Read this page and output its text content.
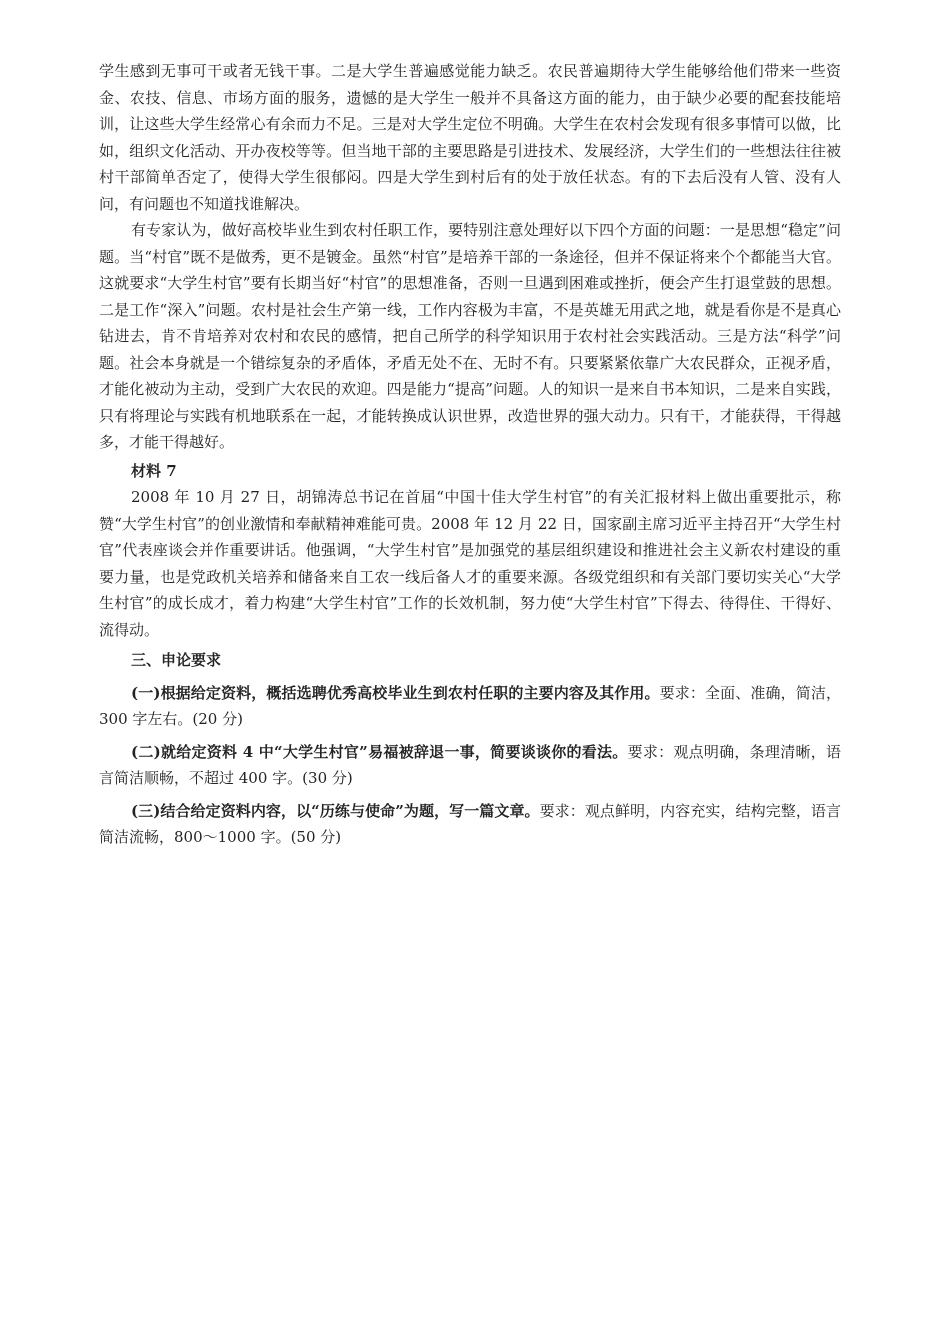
学生感到无事可干或者无钱干事。二是大学生普遍感觉能力缺乏。农民普遍期待大学生能够给他们带来一些资金、农技、信息、市场方面的服务，遗憾的是大学生一般并不具备这方面的能力，由于缺少必要的配套技能培训，让这些大学生经常心有余而力不足。三是对大学生定位不明确。大学生在农村会发现有很多事情可以做，比如，组织文化活动、开办夜校等等。但当地干部的主要思路是引进技术、发展经济，大学生们的一些想法往往被村干部简单否定了，使得大学生很郁闷。四是大学生到村后有的处于放任状态。有的下去后没有人管、没有人问，有问题也不知道找谁解决。

有专家认为，做好高校毕业生到农村任职工作，要特别注意处理好以下四个方面的问题：一是思想“稳定”问题。当“村官”既不是做秀，更不是镀金。虽然“村官”是培养干部的一条途径，但并不保证将来个个都能当大官。这就要求“大学生村官”要有长期当好“村官”的思想准备，否则一旦遇到困难或挫折，便会产生打退堂鼓的思想。二是工作“深入”问题。农村是社会生产第一线，工作内容极为丰富，不是英雄无用武之地，就是看你是不是真心钻进去，肯不肯培养对农村和农民的感情，把自己所学的科学知识用于农村社会实践活动。三是方法“科学”问题。社会本身就是一个错综复杂的矛盾体，矛盾无处不在、无时不有。只要紧紧依靠广大农民群众，正视矛盾，才能化被动为主动，受到广大农民的欢迎。四是能力“提高”问题。人的知识一是来自书本知识，二是来自实践，只有将理论与实践有机地联系在一起，才能转换成认识世界，改造世界的强大动力。只有干，才能获得，干得越多，才能干得越好。

材料 7

2008 年 10 月 27 日，胡锦涛总书记在首届“中国十佳大学生村官”的有关汇报材料上做出重要批示，称赞“大学生村官”的创业激情和奉献精神难能可贵。2008 年 12 月 22 日，国家副主席习近平主持召开“大学生村官”代表座谈会并作重要讲话。他强调，“大学生村官”是加强党的基层组织建设和推进社会主义新农村建设的重要力量，也是党政机关培养和储备来自工农一线后备人才的重要来源。各级党组织和有关部门要切实关心“大学生村官”的成长成才，着力构建“大学生村官”工作的长效机制，努力使“大学生村官”下得去、待得住、干得好、流得动。

三、申论要求

(一)根据给定资料，概括选聘优秀高校毕业生到农村任职的主要内容及其作用。要求：全面、准确，简洁，300 字左右。(20 分)

(二)就给定资料 4 中“大学生村官”易福被辞退一事，简要谈谈你的看法。要求：观点明确，条理清晰，语言简洁顺畅，不超过 400 字。(30 分)

(三)结合给定资料内容，以“历练与使命”为题，写一篇文章。要求：观点鲜明，内容充实，结构完整，语言简洁流畅，800～1000 字。(50 分)
